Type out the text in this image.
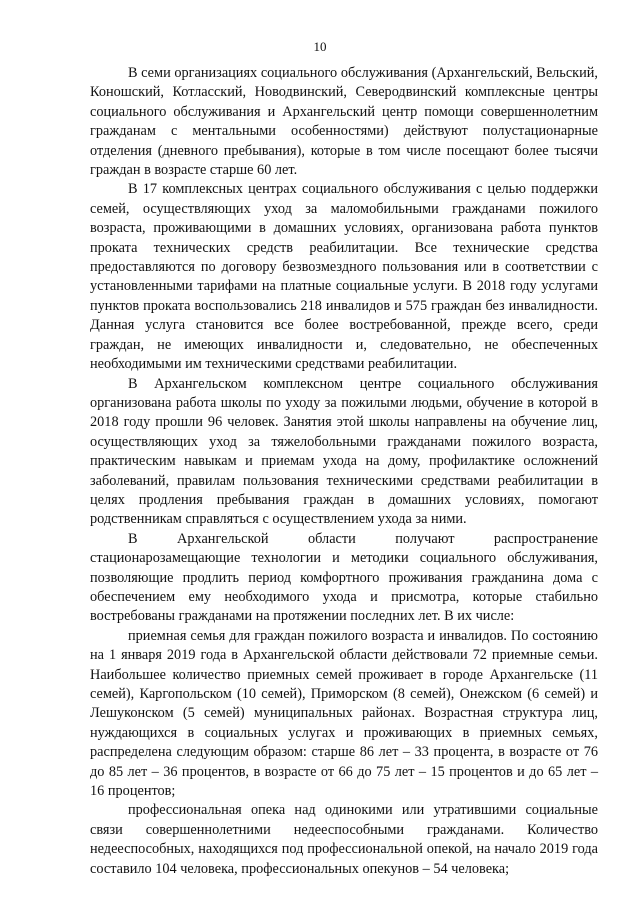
10

В семи организациях социального обслуживания (Архангельский, Вельский, Коношский, Котласский, Новодвинский, Северодвинский комплексные центры социального обслуживания и Архангельский центр помощи совершеннолетним гражданам с ментальными особенностями) действуют полустационарные отделения (дневного пребывания), которые в том числе посещают более тысячи граждан в возрасте старше 60 лет.

В 17 комплексных центрах социального обслуживания с целью поддержки семей, осуществляющих уход за маломобильными гражданами пожилого возраста, проживающими в домашних условиях, организована работа пунктов проката технических средств реабилитации. Все технические средства предоставляются по договору безвозмездного пользования или в соответствии с установленными тарифами на платные социальные услуги. В 2018 году услугами пунктов проката воспользовались 218 инвалидов и 575 граждан без инвалидности. Данная услуга становится все более востребованной, прежде всего, среди граждан, не имеющих инвалидности и, следовательно, не обеспеченных необходимыми им техническими средствами реабилитации.

В Архангельском комплексном центре социального обслуживания организована работа школы по уходу за пожилыми людьми, обучение в которой в 2018 году прошли 96 человек. Занятия этой школы направлены на обучение лиц, осуществляющих уход за тяжелобольными гражданами пожилого возраста, практическим навыкам и приемам ухода на дому, профилактике осложнений заболеваний, правилам пользования техническими средствами реабилитации в целях продления пребывания граждан в домашних условиях, помогают родственникам справляться с осуществлением ухода за ними.

В Архангельской области получают распространение стационарозамещающие технологии и методики социального обслуживания, позволяющие продлить период комфортного проживания гражданина дома с обеспечением ему необходимого ухода и присмотра, которые стабильно востребованы гражданами на протяжении последних лет. В их числе:

приемная семья для граждан пожилого возраста и инвалидов. По состоянию на 1 января 2019 года в Архангельской области действовали 72 приемные семьи. Наибольшее количество приемных семей проживает в городе Архангельске (11 семей), Каргопольском (10 семей), Приморском (8 семей), Онежском (6 семей) и Лешуконском (5 семей) муниципальных районах. Возрастная структура лиц, нуждающихся в социальных услугах и проживающих в приемных семьях, распределена следующим образом: старше 86 лет – 33 процента, в возрасте от 76 до 85 лет – 36 процентов, в возрасте от 66 до 75 лет – 15 процентов и до 65 лет – 16 процентов;

профессиональная опека над одинокими или утратившими социальные связи совершеннолетними недееспособными гражданами. Количество недееспособных, находящихся под профессиональной опекой, на начало 2019 года составило 104 человека, профессиональных опекунов – 54 человека;
